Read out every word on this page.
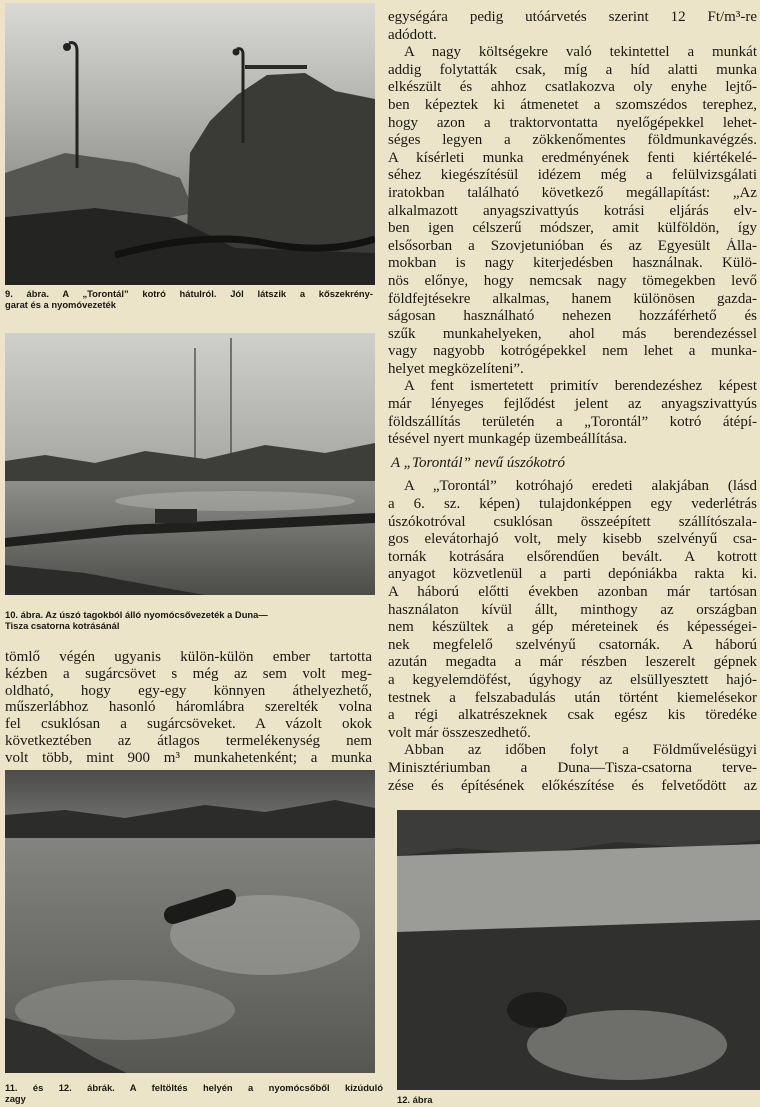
9. ábra. A „Torontál” kotró hátulról. Jól látszik a kőszekrény-
garat és a nyomóvezeték
10. ábra. Az úszó tagokból álló nyomócsővezeték a Duna—
Tisza csatorna kotrásánál
tömlő végén ugyanis külön-külön ember tartotta
kézben a sugárcsövet s még az sem volt meg-
oldható, hogy egy-egy könnyen áthelyezhető,
műszerlábhoz hasonló háromlábra szerelték volna
fel csuklósan a sugárcsöveket. A vázolt okok
következtében az átlagos termelékenység nem
volt több, mint 900 m³ munkahetenként; a munka
egységára pedig utóárvetés szerint 12 Ft/m³-re
adódott.
A nagy költségekre való tekintettel a munkát
addig folytatták csak, míg a híd alatti munka
elkészült és ahhoz csatlakozva oly enyhe lejtő-
ben képeztek ki átmenetet a szomszédos terephez,
hogy azon a traktorvontatta nyelőgépekkel lehet-
séges legyen a zökkenőmentes földmunkavégzés.
A kísérleti munka eredményének fenti kiértékelé-
séhez kiegészítésül idézem még a felülvizsgálati
iratokban található következő megállapítást: „Az
alkalmazott anyagszivattyús kotrási eljárás elv-
ben igen célszerű módszer, amit külföldön, így
elsősorban a Szovjetunióban és az Egyesült Álla-
mokban is nagy kiterjedésben használnak. Külö-
nös előnye, hogy nemcsak nagy tömegekben levő
földfejtésekre alkalmas, hanem különösen gazda-
ságosan használható nehezen hozzáférhető és
szűk munkahelyeken, ahol más berendezéssel
vagy nagyobb kotrógépekkel nem lehet a munka-
helyet megközelíteni”.
A fent ismertetett primitív berendezéshez képest
már lényeges fejlődést jelent az anyagszivattyús
földszállítás területén a „Torontál” kotró átépí-
tésével nyert munkagép üzembeállítása.
A „Torontál” nevű úszókotró
A „Torontál” kotróhajó eredeti alakjában (lásd
a 6. sz. képen) tulajdonképpen egy vederlétrás
úszókotróval csuklósan összeépített szállítószala-
gos elevátorhajó volt, mely kisebb szelvényű csa-
tornák kotrására elsőrendűen bevált. A kotrott
anyagot közvetlenül a parti depóniákba rakta ki.
A háború előtti években azonban már tartósan
használaton kívül állt, minthogy az országban
nem készültek a gép méreteinek és képességei-
nek megfelelő szelvényű csatornák. A háború
azután megadta a már részben leszerelt gépnek
a kegyelemdöfést, úgyhogy az elsüllyesztett hajó-
testnek a felszabadulás után történt kiemelésekor
a régi alkatrészeknek csak egész kis töredéke
volt már összeszedhető.
Abban az időben folyt a Földművelésügyi
Minisztériumban a Duna—Tisza-csatorna terve-
zése és építésének előkészítése és felvetődött az
11. és 12. ábrák. A feltöltés helyén a nyomócsőből kizúduló
zagy	12. ábra
